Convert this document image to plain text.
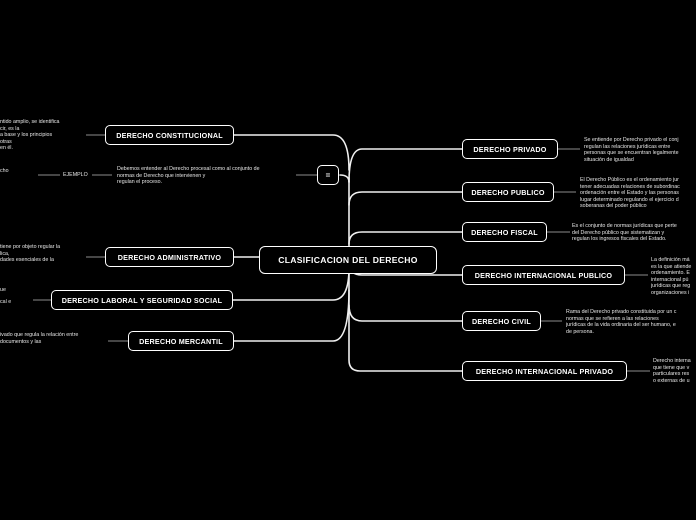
CLASIFICACION DEL DERECHO
=
DERECHO CONSTITUCIONAL
ntido amplio, se identifica
cir, es la
a base y los principios
otras
en él.
Debemos entender al Derecho procesal como al conjunto de
normas de Derecho que intervienen y
regulan el proceso.
EJEMPLO
cho
DERECHO ADMINISTRATIVO
tiene por objeto regular la
lica,
dades esenciales de la
DERECHO LABORAL Y SEGURIDAD SOCIAL
ue
cal e
DERECHO MERCANTIL
ivado que regula la relación entre
documentos y las
DERECHO PRIVADO
Se entiende por Derecho privado el conj
regulan las relaciones jurídicas entre
personas que se encuentran legalmente
situación de igualdad
DERECHO PUBLICO
El Derecho Público es el ordenamiento jur
tener adecuadas relaciones de subordinac
ordenación entre el Estado y las personas
lugar determinado regulando el ejercicio d
soberanas del poder público
DERECHO FISCAL
Es el conjunto de normas jurídicas que perte
del Derecho público que sistematizan y
regulan los ingresos fiscales del Estado.
DERECHO INTERNACIONAL PUBLICO
La definición má
es la que atiende
ordenamiento. E
internacional pú
jurídicas que reg
organizaciones i
DERECHO CIVIL
Rama del Derecho privado constituida por un c
normas que se refieren a las relaciones
jurídicas de la vida ordinaria del ser humano, e
de persona.
DERECHO INTERNACIONAL PRIVADO
Derecho interna
que tiene que v
particulares res
o externas de u
